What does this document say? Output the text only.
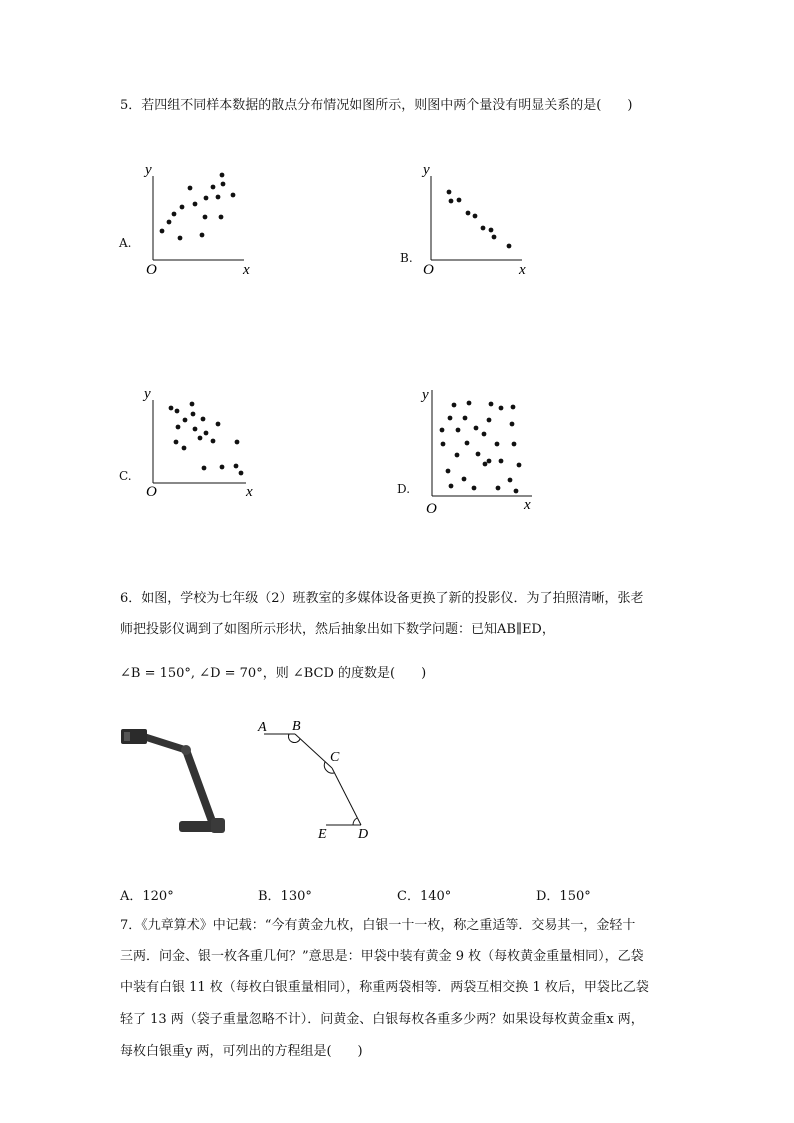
5．若四组不同样本数据的散点分布情况如图所示，则图中两个量没有明显关系的是(　　)
A.
y
x
O
B.
y
x
O
C.
y
x
O	D.
y
x
O
6．如图，学校为七年级（2）班教室的多媒体设备更换了新的投影仪．为了拍照清晰，张老
师把投影仪调到了如图所示形状，然后抽象出如下数学问题：已知AB∥ED，
∠B = 150°, ∠D = 70°，则 ∠BCD 的度数是(　　)
A B
C
E D
A．120°	B．130°	C．140°	D．150°
7．《九章算术》中记载：“今有黄金九枚，白银一十一枚，称之重适等．交易其一，金轻十
三两．问金、银一枚各重几何？”意思是：甲袋中装有黄金 9 枚（每枚黄金重量相同），乙袋
中装有白银 11 枚（每枚白银重量相同），称重两袋相等．两袋互相交换 1 枚后，甲袋比乙袋
轻了 13 两（袋子重量忽略不计）．问黄金、白银每枚各重多少两？如果设每枚黄金重x 两，
每枚白银重y 两，可列出的方程组是(　　)
